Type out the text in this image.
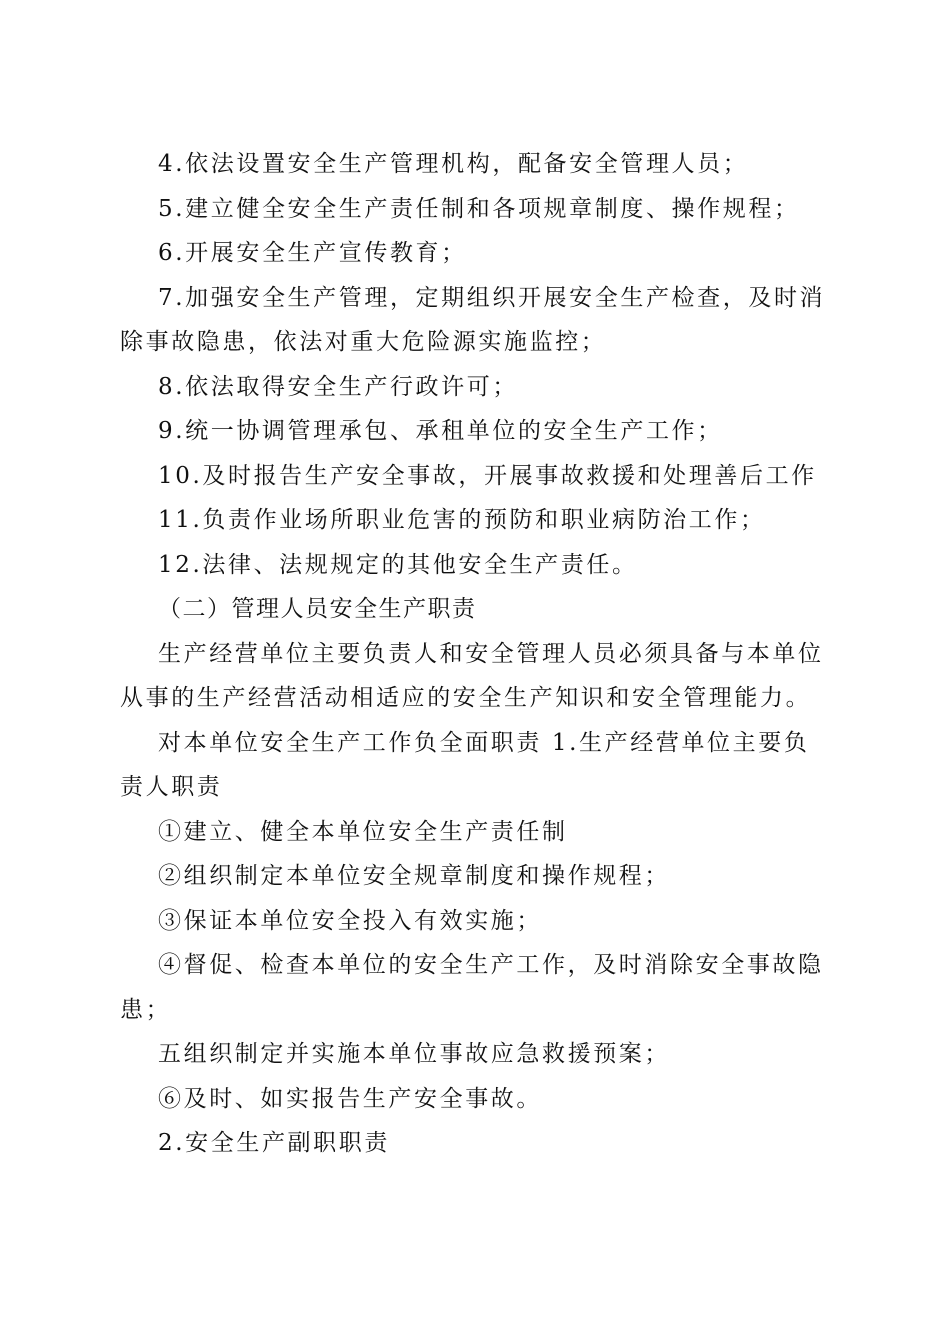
4.依法设置安全生产管理机构，配备安全管理人员；
5.建立健全安全生产责任制和各项规章制度、操作规程；
6.开展安全生产宣传教育；
7.加强安全生产管理，定期组织开展安全生产检查，及时消
除事故隐患，依法对重大危险源实施监控；
8.依法取得安全生产行政许可；
9.统一协调管理承包、承租单位的安全生产工作；
10.及时报告生产安全事故，开展事故救援和处理善后工作
11.负责作业场所职业危害的预防和职业病防治工作；
12.法律、法规规定的其他安全生产责任。
（二）管理人员安全生产职责
生产经营单位主要负责人和安全管理人员必须具备与本单位
从事的生产经营活动相适应的安全生产知识和安全管理能力。
对本单位安全生产工作负全面职责 1.生产经营单位主要负
责人职责
①建立、健全本单位安全生产责任制
②组织制定本单位安全规章制度和操作规程；
③保证本单位安全投入有效实施；
④督促、检查本单位的安全生产工作，及时消除安全事故隐
患；
五组织制定并实施本单位事故应急救援预案；
⑥及时、如实报告生产安全事故。
2.安全生产副职职责
